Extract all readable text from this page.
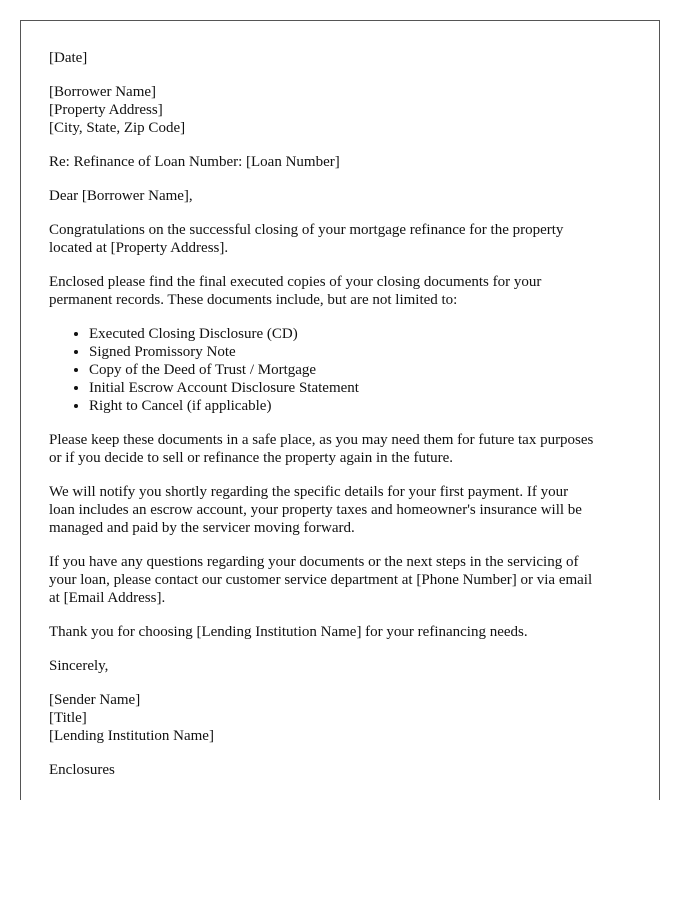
[Date]
[Borrower Name]
[Property Address]
[City, State, Zip Code]

Re: Refinance of Loan Number: [Loan Number]

Dear [Borrower Name],

Congratulations on the successful closing of your mortgage refinance for the property
located at [Property Address].

Enclosed please find the final executed copies of your closing documents for your
permanent records. These documents include, but are not limited to:

• Executed Closing Disclosure (CD)
• Signed Promissory Note
• Copy of the Deed of Trust / Mortgage
• Initial Escrow Account Disclosure Statement
• Right to Cancel (if applicable)

Please keep these documents in a safe place, as you may need them for future tax purposes
or if you decide to sell or refinance the property again in the future.

We will notify you shortly regarding the specific details for your first payment. If your
loan includes an escrow account, your property taxes and homeowner's insurance will be
managed and paid by the servicer moving forward.

If you have any questions regarding your documents or the next steps in the servicing of
your loan, please contact our customer service department at [Phone Number] or via email
at [Email Address].

Thank you for choosing [Lending Institution Name] for your refinancing needs.

Sincerely,

[Sender Name]
[Title]
[Lending Institution Name]

Enclosures
